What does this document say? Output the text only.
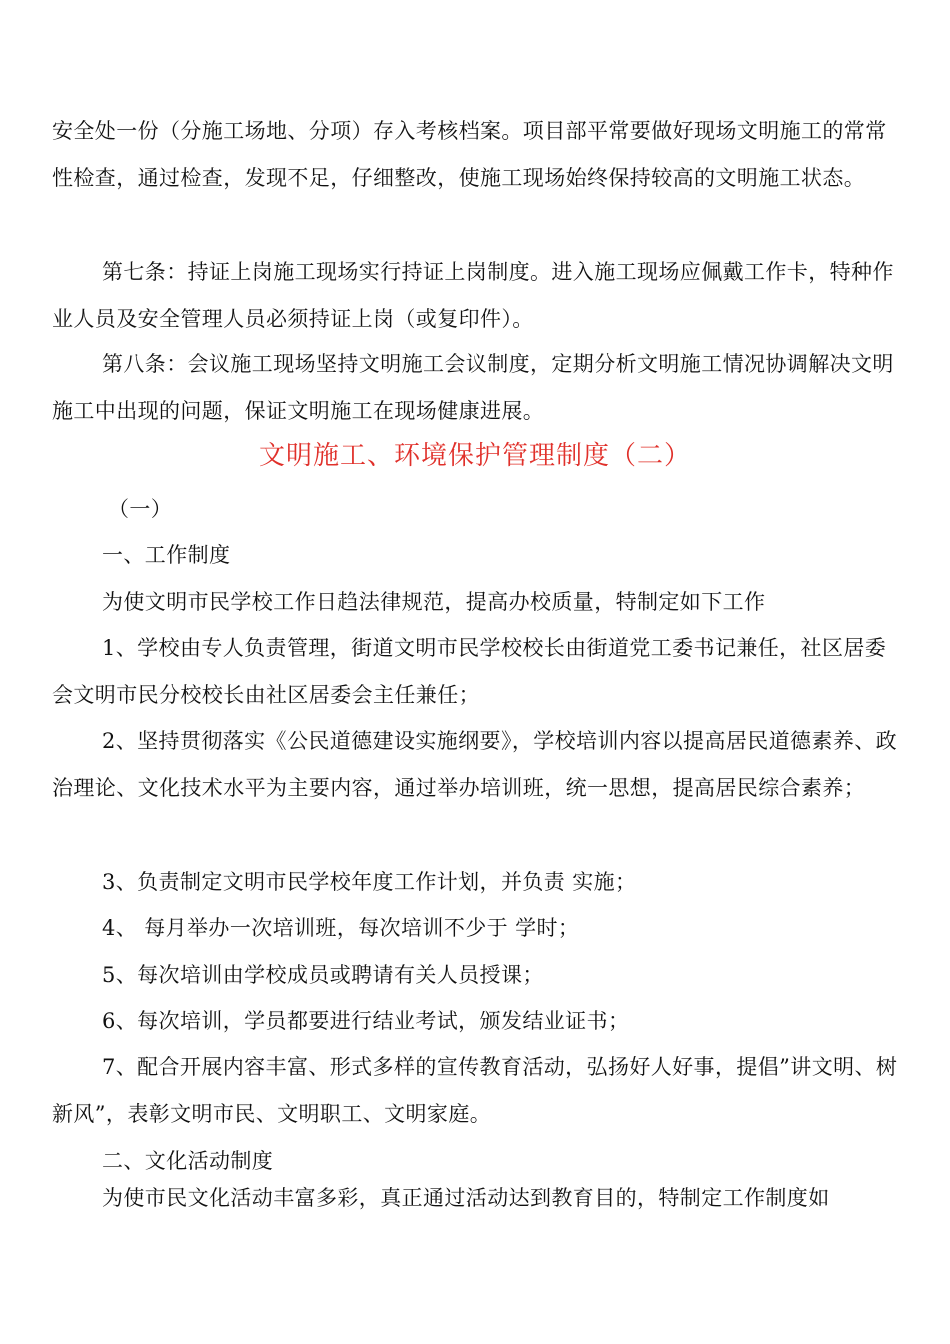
安全处一份（分施工场地、分项）存入考核档案。项目部平常要做好现场文明施工的常常性检查，通过检查，发现不足，仔细整改，使施工现场始终保持较高的文明施工状态。

第七条：持证上岗施工现场实行持证上岗制度。进入施工现场应佩戴工作卡，特种作业人员及安全管理人员必须持证上岗（或复印件）。

第八条：会议施工现场坚持文明施工会议制度，定期分析文明施工情况协调解决文明施工中出现的问题，保证文明施工在现场健康进展。

文明施工、环境保护管理制度（二）

（一）

一、工作制度

为使文明市民学校工作日趋法律规范，提高办校质量，特制定如下工作

1、学校由专人负责管理，街道文明市民学校校长由街道党工委书记兼任，社区居委会文明市民分校校长由社区居委会主任兼任；

2、坚持贯彻落实《公民道德建设实施纲要》，学校培训内容以提高居民道德素养、政治理论、文化技术水平为主要内容，通过举办培训班，统一思想，提高居民综合素养；

3、负责制定文明市民学校年度工作计划，并负责 实施；

4、 每月举办一次培训班，每次培训不少于 学时；

5、每次培训由学校成员或聘请有关人员授课；

6、每次培训，学员都要进行结业考试，颁发结业证书；

7、配合开展内容丰富、形式多样的宣传教育活动，弘扬好人好事，提倡”讲文明、树新风”，表彰文明市民、文明职工、文明家庭。

二、文化活动制度

为使市民文化活动丰富多彩，真正通过活动达到教育目的，特制定工作制度如
